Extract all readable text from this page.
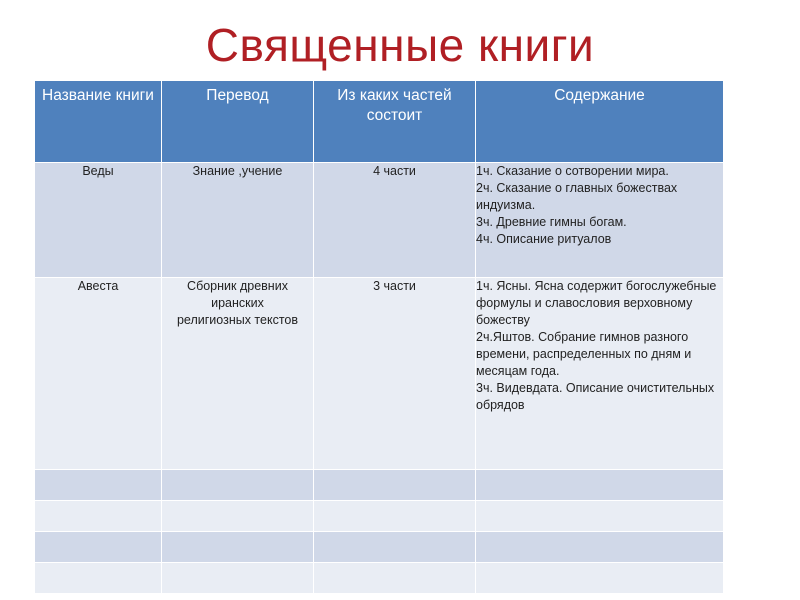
Священные книги
Название книги	Перевод	Из каких частей состоит	Содержание
Веды	Знание ,учение	4 части	1ч. Сказание о сотворении мира.
2ч. Сказание о главных божествах индуизма.
3ч. Древние гимны богам.
4ч. Описание ритуалов

Авеста	Сборник древних иранских религиозных текстов	3 части	1ч. Ясны. Ясна содержит богослужебные формулы и славословия верховному божеству
2ч.Яштов. Собрание гимнов разного времени, распределенных по дням и месяцам года.
3ч. Видевдата. Описание очистительных обрядов
